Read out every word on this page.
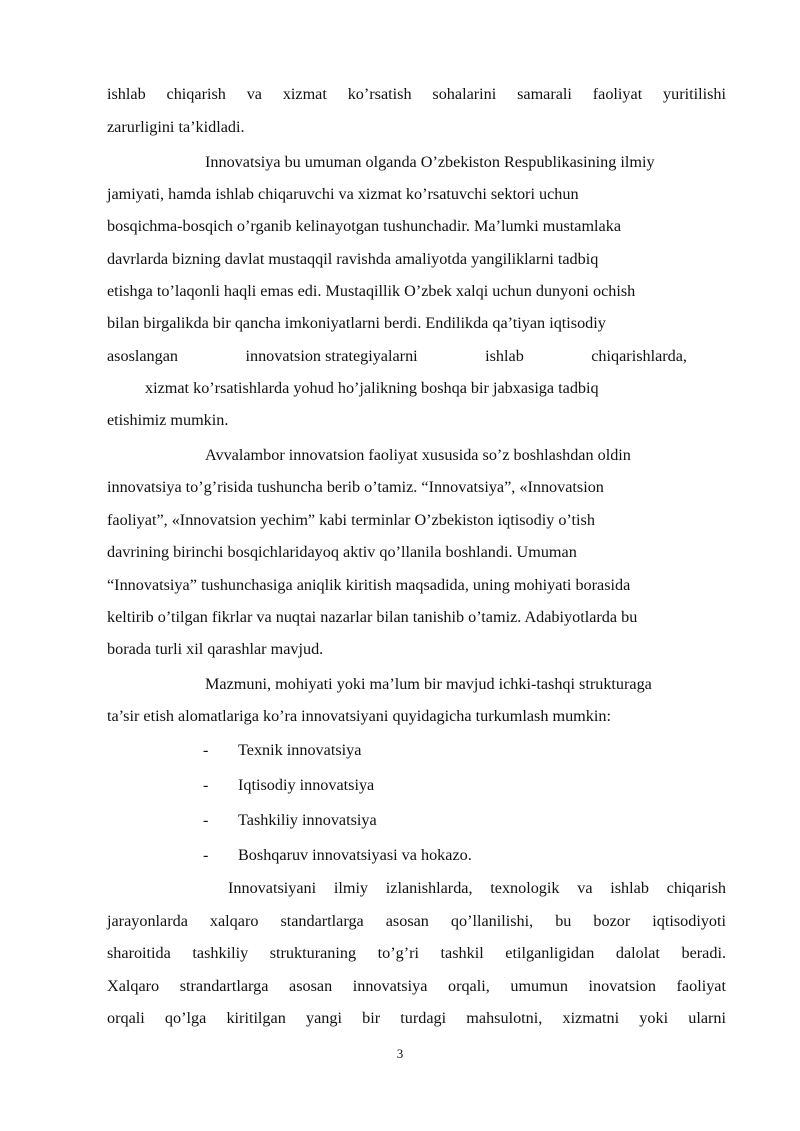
ishlab chiqarish va xizmat ko’rsatish sohalarini samarali faoliyat yuritilishi
zarurligini ta’kidladi.
Innovatsiya bu umuman olganda O’zbekiston Respublikasining ilmiy
jamiyati, hamda ishlab chiqaruvchi va xizmat ko’rsatuvchi sektori uchun
bosqichma-bosqich o’rganib kelinayotgan tushunchadir. Ma’lumki mustamlaka
davrlarda bizning davlat mustaqqil ravishda amaliyotda yangiliklarni tadbiq
etishga to’laqonli haqli emas edi. Mustaqillik O’zbek xalqi uchun dunyoni ochish
bilan birgalikda bir qancha imkoniyatlarni berdi. Endilikda qa’tiyan iqtisodiy
asoslangan	innovatsion strategiyalarni	ishlab	chiqarishlarda,
xizmat ko’rsatishlarda yohud ho’jalikning boshqa bir jabxasiga tadbiq
etishimiz mumkin.
Avvalambor innovatsion faoliyat xususida so’z boshlashdan oldin
innovatsiya to’g’risida tushuncha berib o’tamiz. “Innovatsiya”, «Innovatsion
faoliyat”, «Innovatsion yechim” kabi terminlar O’zbekiston iqtisodiy o’tish
davrining birinchi bosqichlaridayoq aktiv qo’llanila boshlandi. Umuman
“Innovatsiya” tushunchasiga aniqlik kiritish maqsadida, uning mohiyati borasida
keltirib o’tilgan fikrlar va nuqtai nazarlar bilan tanishib o’tamiz. Adabiyotlarda bu
borada turli xil qarashlar mavjud.
Mazmuni, mohiyati yoki ma’lum bir mavjud ichki-tashqi strukturaga
ta’sir etish alomatlariga ko’ra innovatsiyani quyidagicha turkumlash mumkin:
- Texnik innovatsiya
- Iqtisodiy innovatsiya
- Tashkiliy innovatsiya
- Boshqaruv innovatsiyasi va hokazo.
Innovatsiyani ilmiy izlanishlarda, texnologik va ishlab chiqarish
jarayonlarda xalqaro standartlarga asosan qo’llanilishi, bu bozor iqtisodiyoti
sharoitida tashkiliy strukturaning to’g’ri tashkil etilganligidan dalolat beradi.
Xalqaro strandartlarga asosan innovatsiya orqali, umumun inovatsion faoliyat
orqali qo’lga kiritilgan yangi bir turdagi mahsulotni, xizmatni yoki ularni
3
